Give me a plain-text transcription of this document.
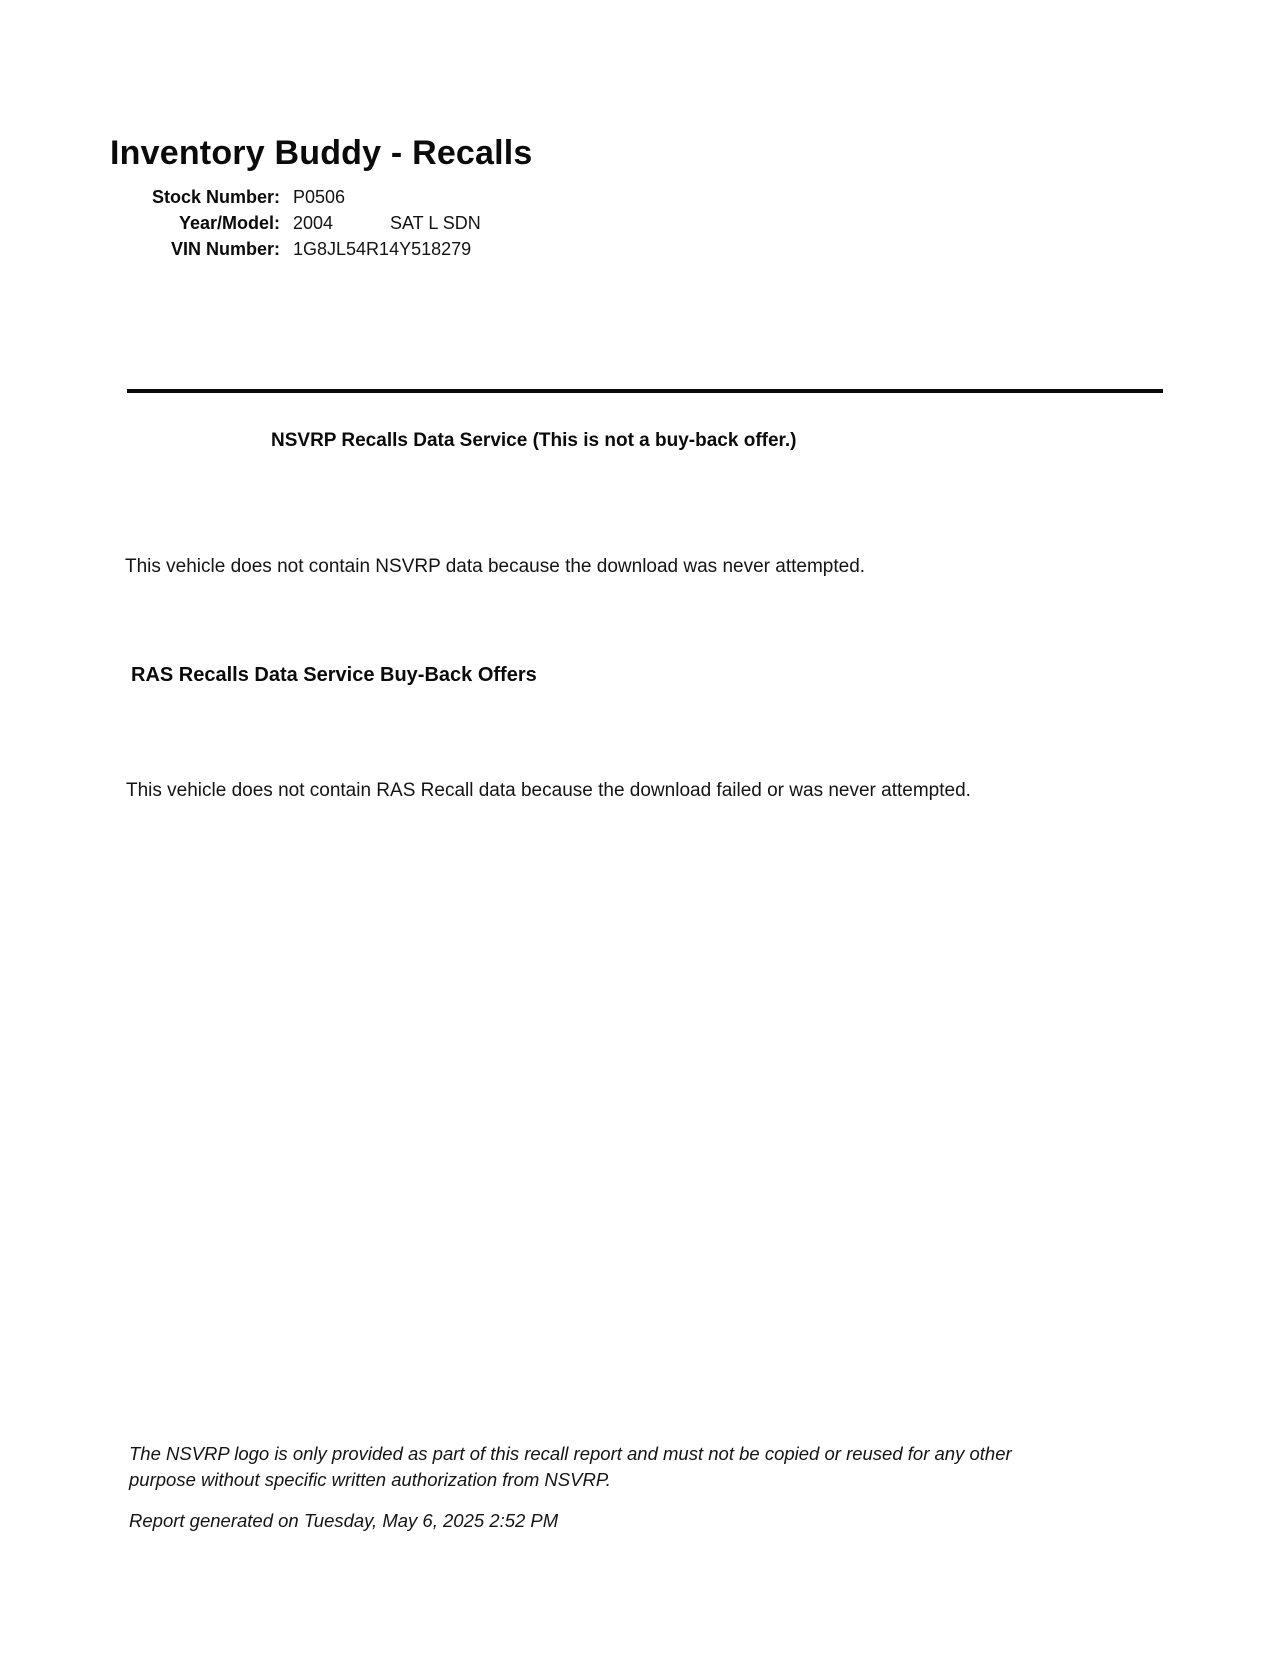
Inventory Buddy - Recalls
Stock Number: P0506
Year/Model: 2004	SAT L SDN
VIN Number: 1G8JL54R14Y518279
NSVRP Recalls Data Service (This is not a buy-back offer.)
This vehicle does not contain NSVRP data because the download was never attempted.
RAS Recalls Data Service Buy-Back Offers
This vehicle does not contain RAS Recall data because the download failed or was never attempted.
The NSVRP logo is only provided as part of this recall report and must not be copied or reused for any other
purpose without specific written authorization from NSVRP.
Report generated on Tuesday, May 6, 2025 2:52 PM
